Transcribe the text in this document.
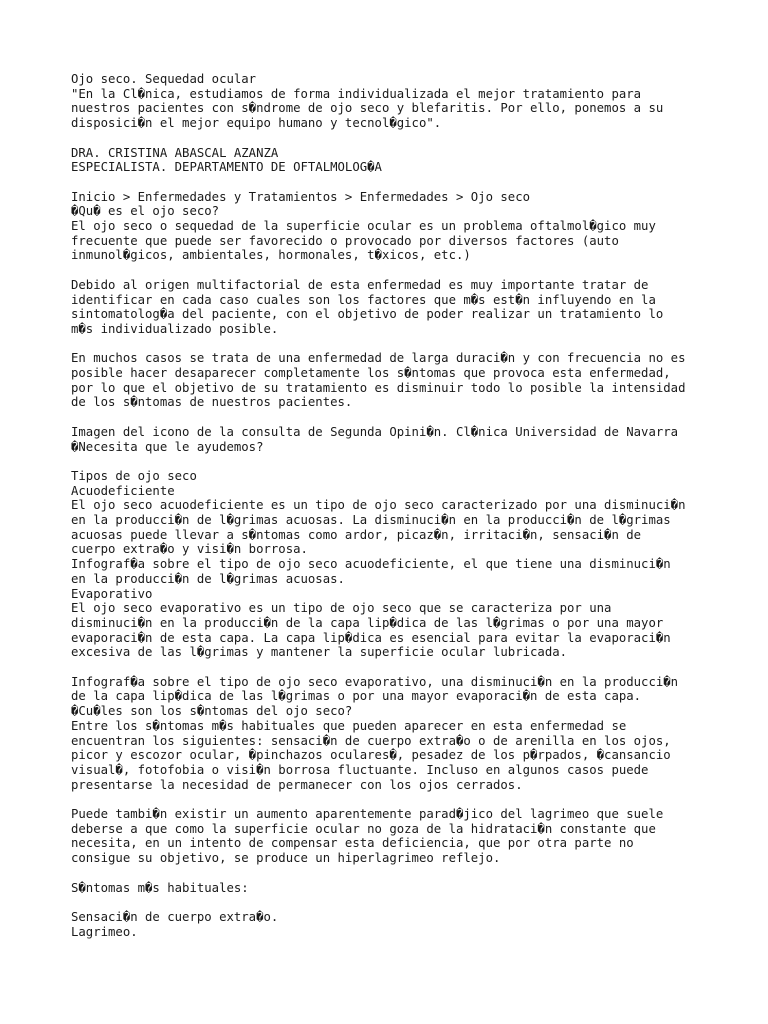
Ojo seco. Sequedad ocular
"En la Cl�nica, estudiamos de forma individualizada el mejor tratamiento para
nuestros pacientes con s�ndrome de ojo seco y blefaritis. Por ello, ponemos a su
disposici�n el mejor equipo humano y tecnol�gico".
DRA. CRISTINA ABASCAL AZANZA
ESPECIALISTA. DEPARTAMENTO DE OFTALMOLOG�A
Inicio > Enfermedades y Tratamientos > Enfermedades > Ojo seco
�Qu� es el ojo seco?
El ojo seco o sequedad de la superficie ocular es un problema oftalmol�gico muy
frecuente que puede ser favorecido o provocado por diversos factores (auto
inmunol�gicos, ambientales, hormonales, t�xicos, etc.)
Debido al origen multifactorial de esta enfermedad es muy importante tratar de
identificar en cada caso cuales son los factores que m�s est�n influyendo en la
sintomatolog�a del paciente, con el objetivo de poder realizar un tratamiento lo
m�s individualizado posible.
En muchos casos se trata de una enfermedad de larga duraci�n y con frecuencia no es
posible hacer desaparecer completamente los s�ntomas que provoca esta enfermedad,
por lo que el objetivo de su tratamiento es disminuir todo lo posible la intensidad
de los s�ntomas de nuestros pacientes.
Imagen del icono de la consulta de Segunda Opini�n. Cl�nica Universidad de Navarra
�Necesita que le ayudemos?
Tipos de ojo seco
Acuodeficiente
El ojo seco acuodeficiente es un tipo de ojo seco caracterizado por una disminuci�n
en la producci�n de l�grimas acuosas. La disminuci�n en la producci�n de l�grimas
acuosas puede llevar a s�ntomas como ardor, picaz�n, irritaci�n, sensaci�n de
cuerpo extra�o y visi�n borrosa.
Infograf�a sobre el tipo de ojo seco acuodeficiente, el que tiene una disminuci�n
en la producci�n de l�grimas acuosas.
Evaporativo
El ojo seco evaporativo es un tipo de ojo seco que se caracteriza por una
disminuci�n en la producci�n de la capa lip�dica de las l�grimas o por una mayor
evaporaci�n de esta capa. La capa lip�dica es esencial para evitar la evaporaci�n
excesiva de las l�grimas y mantener la superficie ocular lubricada.
Infograf�a sobre el tipo de ojo seco evaporativo, una disminuci�n en la producci�n
de la capa lip�dica de las l�grimas o por una mayor evaporaci�n de esta capa.
�Cu�les son los s�ntomas del ojo seco?
Entre los s�ntomas m�s habituales que pueden aparecer en esta enfermedad se
encuentran los siguientes: sensaci�n de cuerpo extra�o o de arenilla en los ojos,
picor y escozor ocular, �pinchazos oculares�, pesadez de los p�rpados, �cansancio
visual�, fotofobia o visi�n borrosa fluctuante. Incluso en algunos casos puede
presentarse la necesidad de permanecer con los ojos cerrados.
Puede tambi�n existir un aumento aparentemente parad�jico del lagrimeo que suele
deberse a que como la superficie ocular no goza de la hidrataci�n constante que
necesita, en un intento de compensar esta deficiencia, que por otra parte no
consigue su objetivo, se produce un hiperlagrimeo reflejo.
S�ntomas m�s habituales:
Sensaci�n de cuerpo extra�o.
Lagrimeo.
